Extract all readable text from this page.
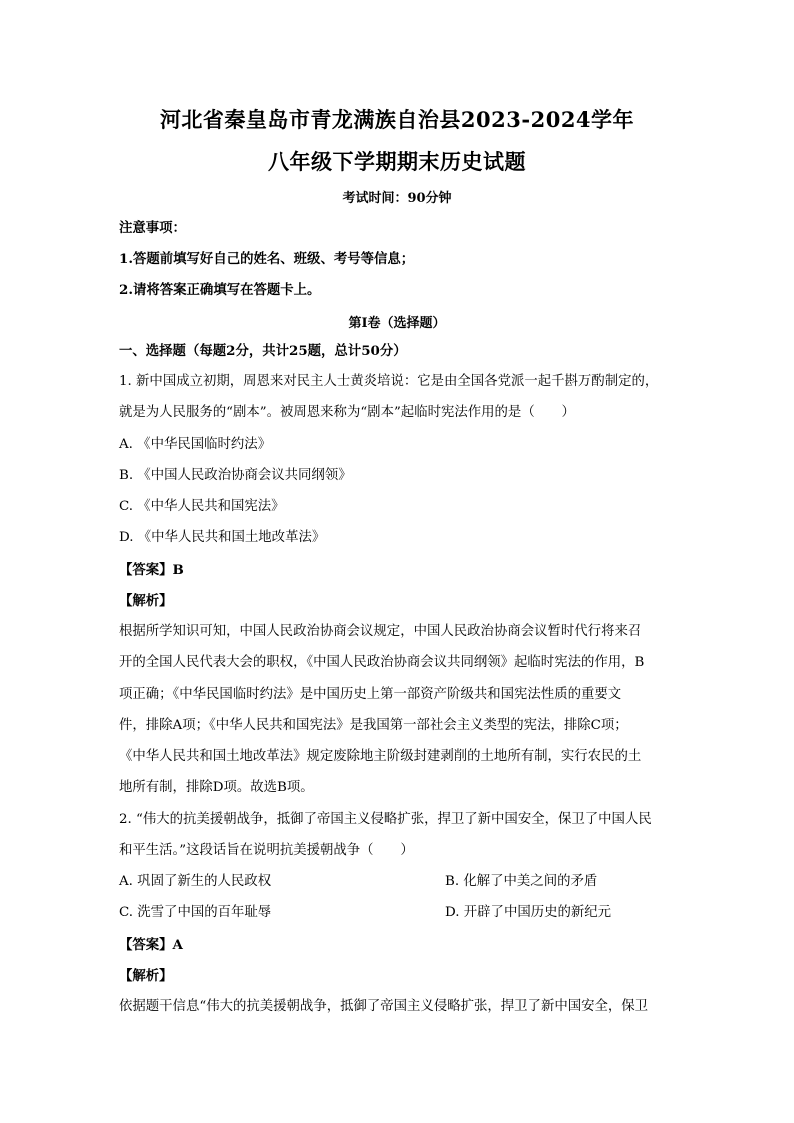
河北省秦皇岛市青龙满族自治县2023-2024学年
八年级下学期期末历史试题
考试时间：90分钟
注意事项：
1.答题前填写好自己的姓名、班级、考号等信息；
2.请将答案正确填写在答题卡上。
第I卷（选择题）
一、选择题（每题2分，共计25题，总计50分）
1. 新中国成立初期，周恩来对民主人士黄炎培说：它是由全国各党派一起千斟万酌制定的，
就是为人民服务的“剧本”。被周恩来称为“剧本”起临时宪法作用的是（　　）
A. 《中华民国临时约法》
B. 《中国人民政治协商会议共同纲领》
C. 《中华人民共和国宪法》
D. 《中华人民共和国土地改革法》
【答案】B
【解析】
根据所学知识可知，中国人民政治协商会议规定，中国人民政治协商会议暂时代行将来召
开的全国人民代表大会的职权，《中国人民政治协商会议共同纲领》起临时宪法的作用，B
项正确；《中华民国临时约法》是中国历史上第一部资产阶级共和国宪法性质的重要文
件，排除A项；《中华人民共和国宪法》是我国第一部社会主义类型的宪法，排除C项；
《中华人民共和国土地改革法》规定废除地主阶级封建剥削的土地所有制，实行农民的土
地所有制，排除D项。故选B项。
2. “伟大的抗美援朝战争，抵御了帝国主义侵略扩张，捍卫了新中国安全，保卫了中国人民
和平生活。”这段话旨在说明抗美援朝战争（　　）
A. 巩固了新生的人民政权	B. 化解了中美之间的矛盾
C. 洗雪了中国的百年耻辱	D. 开辟了中国历史的新纪元
【答案】A
【解析】
依据题干信息“伟大的抗美援朝战争，抵御了帝国主义侵略扩张，捍卫了新中国安全，保卫
